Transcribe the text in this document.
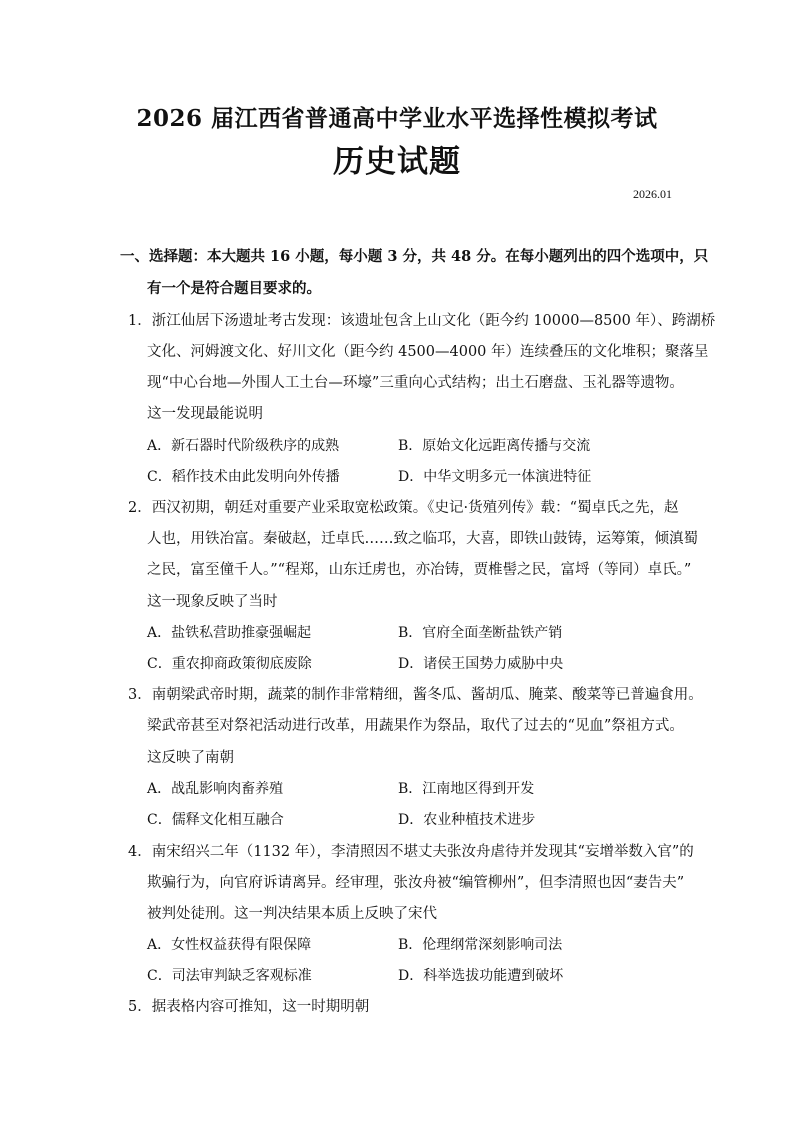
2026 届江西省普通高中学业水平选择性模拟考试
历史试题
2026.01
一、选择题：本大题共 16 小题，每小题 3 分，共 48 分。在每小题列出的四个选项中，只
有一个是符合题目要求的。
1．浙江仙居下汤遗址考古发现：该遗址包含上山文化（距今约 10000—8500 年）、跨湖桥
文化、河姆渡文化、好川文化（距今约 4500—4000 年）连续叠压的文化堆积；聚落呈
现“中心台地—外围人工土台—环壕”三重向心式结构；出土石磨盘、玉礼器等遗物。
这一发现最能说明
A．新石器时代阶级秩序的成熟	B．原始文化远距离传播与交流
C．稻作技术由此发明向外传播	D．中华文明多元一体演进特征
2．西汉初期，朝廷对重要产业采取宽松政策。《史记·货殖列传》载：“蜀卓氏之先，赵
人也，用铁冶富。秦破赵，迁卓氏……致之临邛，大喜，即铁山鼓铸，运筹策，倾滇蜀
之民，富至僮千人。”“程郑，山东迁虏也，亦冶铸，贾椎髻之民，富埒（等同）卓氏。”
这一现象反映了当时
A．盐铁私营助推豪强崛起	B．官府全面垄断盐铁产销
C．重农抑商政策彻底废除	D．诸侯王国势力威胁中央
3．南朝梁武帝时期，蔬菜的制作非常精细，酱冬瓜、酱胡瓜、腌菜、酸菜等已普遍食用。
梁武帝甚至对祭祀活动进行改革，用蔬果作为祭品，取代了过去的“见血”祭祖方式。
这反映了南朝
A．战乱影响肉畜养殖	B．江南地区得到开发
C．儒释文化相互融合	D．农业种植技术进步
4．南宋绍兴二年（1132 年），李清照因不堪丈夫张汝舟虐待并发现其“妄增举数入官”的
欺骗行为，向官府诉请离异。经审理，张汝舟被“编管柳州”，但李清照也因“妻告夫”
被判处徒刑。这一判决结果本质上反映了宋代
A．女性权益获得有限保障	B．伦理纲常深刻影响司法
C．司法审判缺乏客观标准	D．科举选拔功能遭到破坏
5．据表格内容可推知，这一时期明朝
